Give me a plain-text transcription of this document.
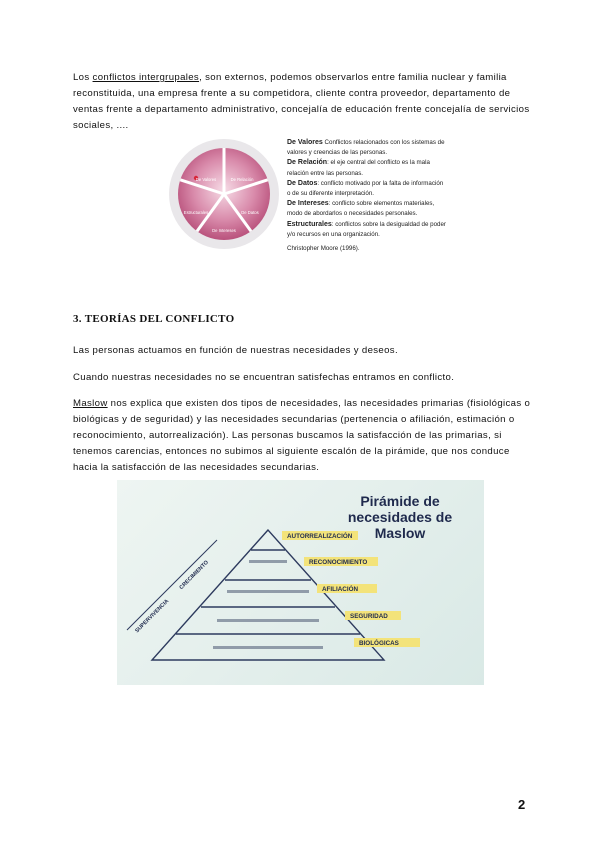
Los conflictos intergrupales, son externos, podemos observarlos entre familia nuclear y familia reconstituida, una empresa frente a su competidora, cliente contra proveedor, departamento de ventas frente a departamento administrativo, concejalía de educación frente concejalía de servicios sociales, ....
De Valores	De Relación
De Datos
De Intereses
Estructurales
De Valores Conflictos relacionados con los sistemas de valores y creencias de las personas.
De Relación: el eje central del conflicto es la mala relación entre las personas.
De Datos: conflicto motivado por la falta de información o de su diferente interpretación.
De Intereses: conflicto sobre elementos materiales, modo de abordarlos o necesidades personales.
Estructurales: conflictos sobre la desigualdad de poder y/o recursos en una organización.
Christopher Moore (1996).
3. TEORÍAS DEL CONFLICTO
Las personas actuamos en función de nuestras necesidades y deseos.
Cuando nuestras necesidades no se encuentran satisfechas entramos en conflicto.
Maslow nos explica que existen dos tipos de necesidades, las necesidades primarias (fisiológicas o biológicas y de seguridad) y las necesidades secundarias (pertenencia o afiliación, estimación o reconocimiento, autorrealización). Las personas buscamos la satisfacción de las primarias, si tenemos carencias, entonces no subimos al siguiente escalón de la pirámide, que nos conduce hacia la satisfacción de las necesidades secundarias.
Pirámide de
necesidades de
Maslow
AUTORREALIZACIÓN
RECONOCIMIENTO
AFILIACIÓN
SEGURIDAD
BIOLÓGICAS
CRECIMIENTO
SUPERVIVENCIA
2
